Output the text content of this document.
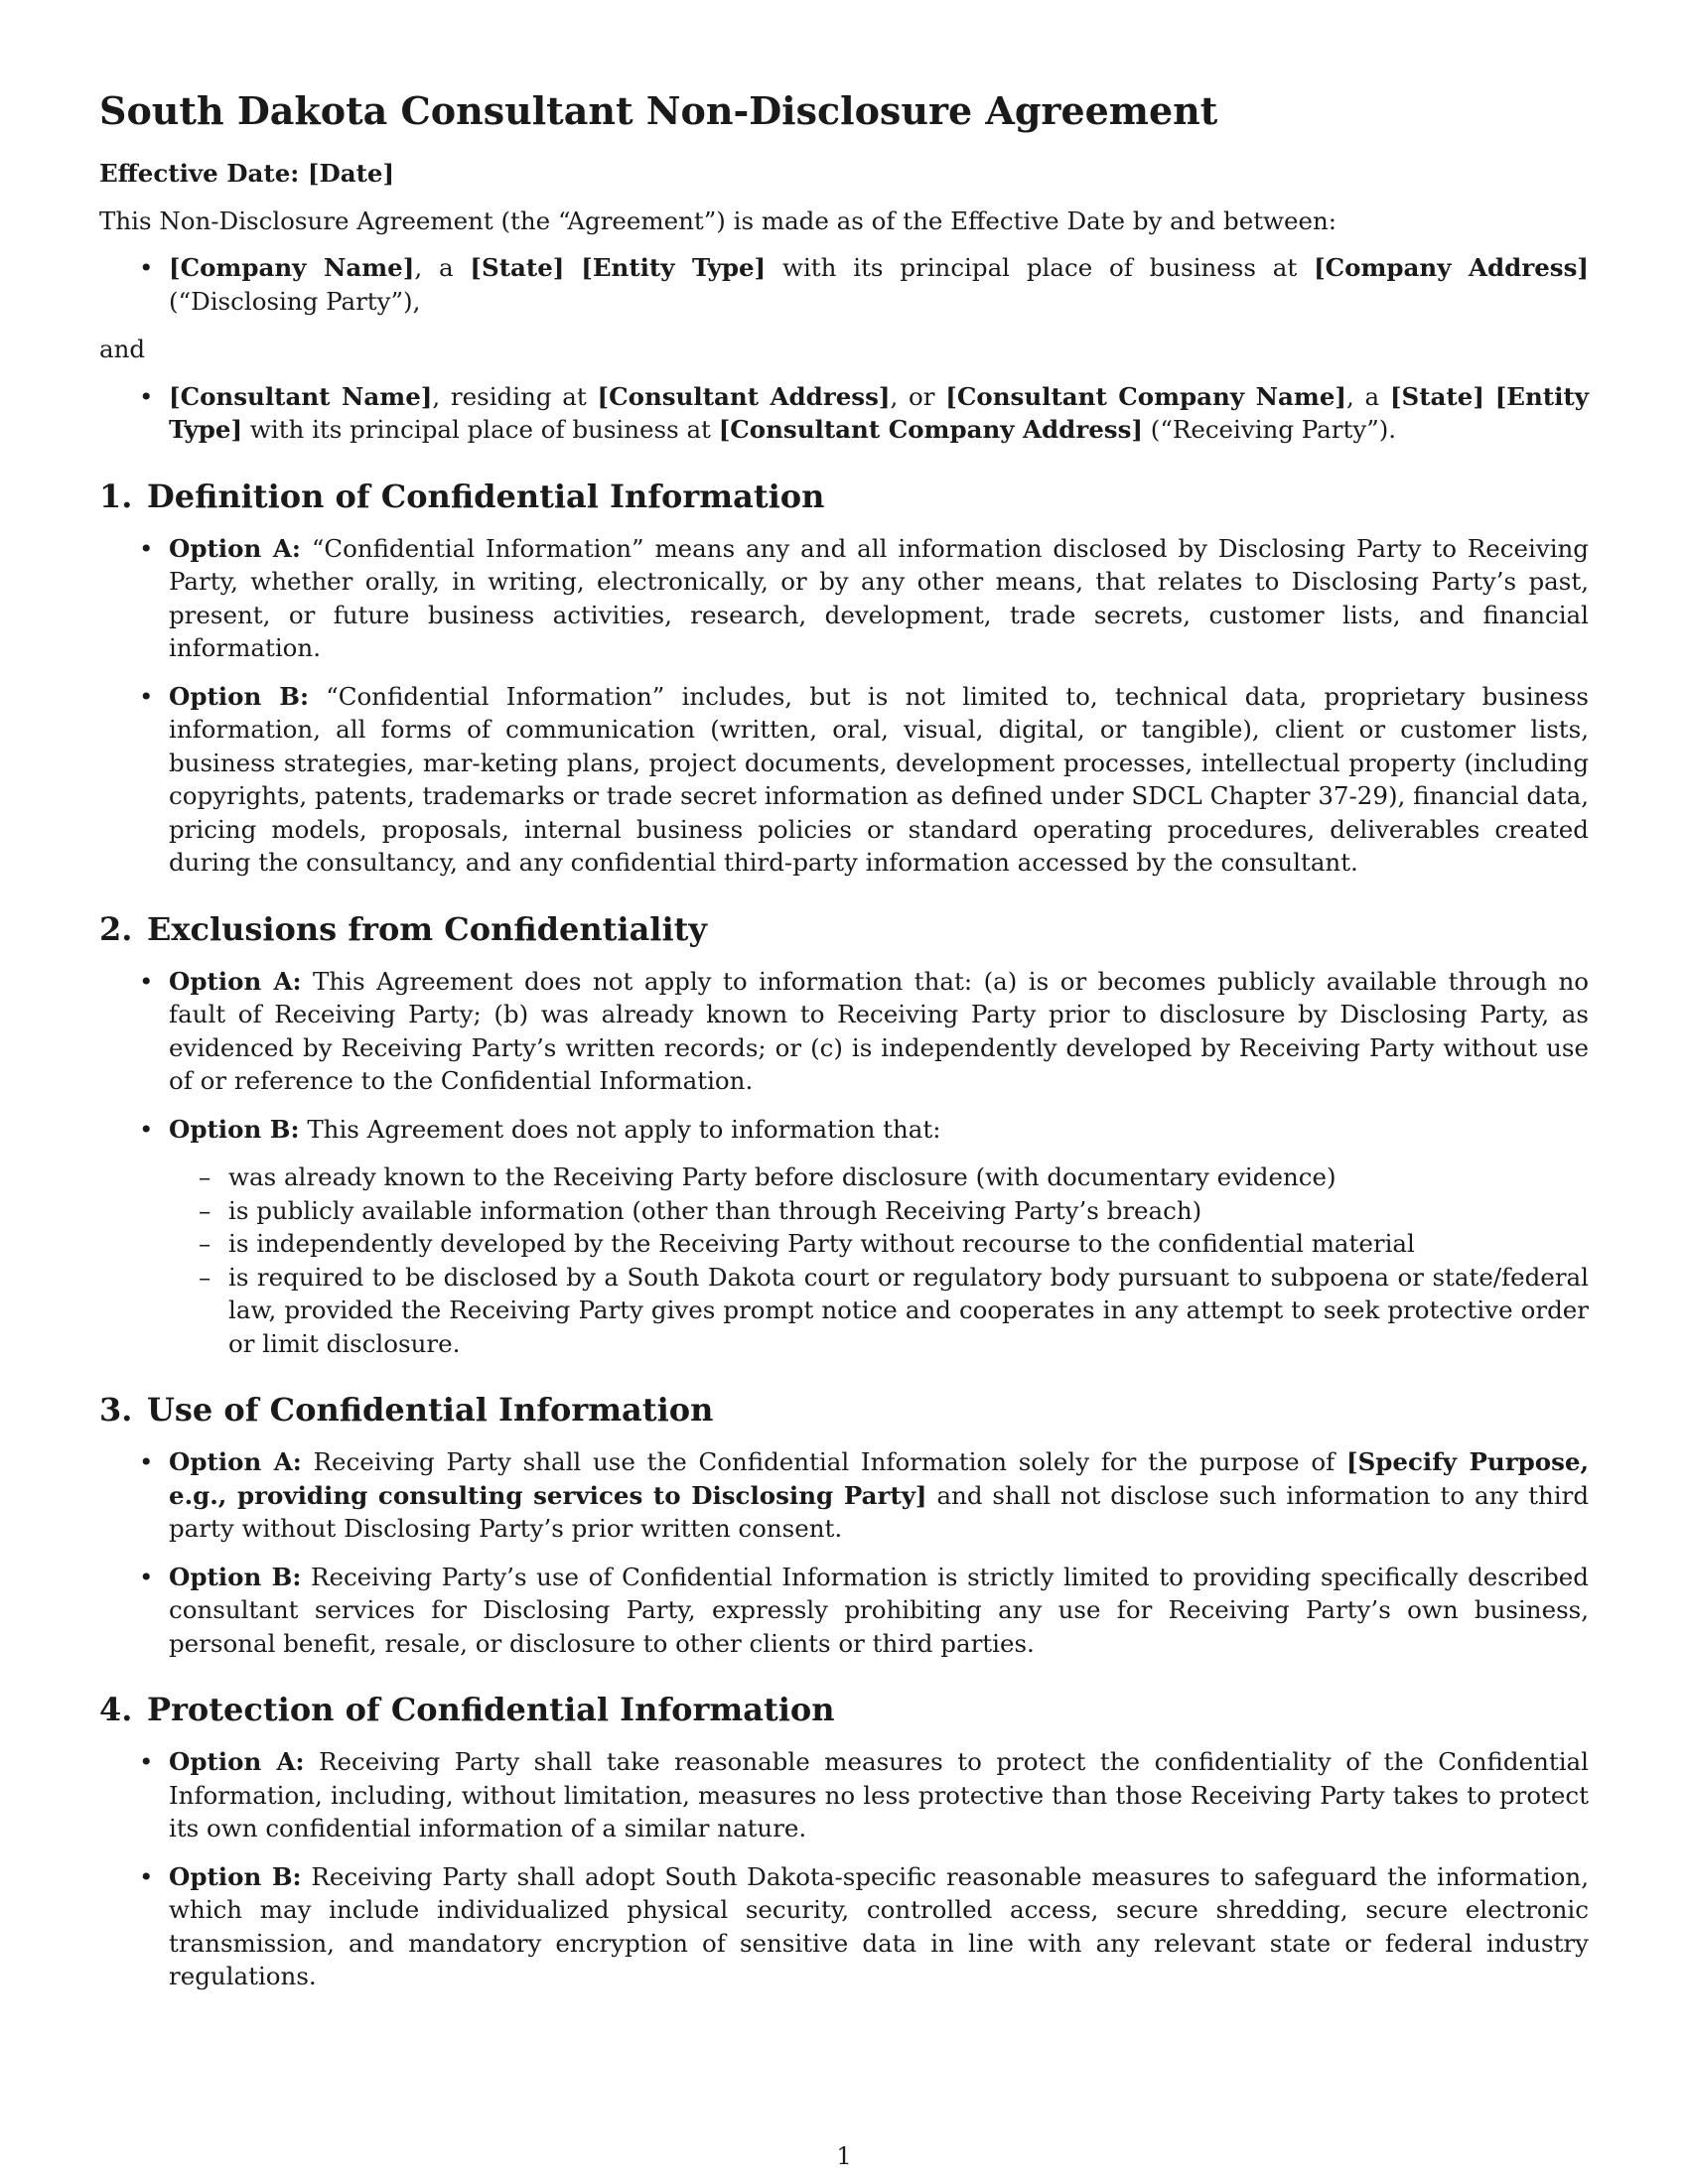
South Dakota Consultant Non-Disclosure Agreement
Effective Date: [Date]

This Non-Disclosure Agreement (the “Agreement”) is made as of the Effective Date by and between:

• [Company Name], a [State] [Entity Type] with its principal place of business at [Company Address] (“Disclosing Party”),

and

• [Consultant Name], residing at [Consultant Address], or [Consultant Company Name], a [State] [Entity Type] with its principal place of business at [Consultant Company Address] (“Receiving Party”).
1. Definition of Confidential Information
• Option A: “Confidential Information” means any and all information disclosed by Disclosing Party to Receiving Party, whether orally, in writing, electronically, or by any other means, that relates to Disclosing Party’s past, present, or future business activities, research, development, trade secrets, customer lists, and financial information.
• Option B: “Confidential Information” includes, but is not limited to, technical data, proprietary business information, all forms of communication (written, oral, visual, digital, or tangible), client or customer lists, business strategies, mar-keting plans, project documents, development processes, intellectual property (including copyrights, patents, trademarks or trade secret information as defined under SDCL Chapter 37-29), financial data, pricing models, proposals, internal business policies or standard operating procedures, deliverables created during the consultancy, and any confidential third-party information accessed by the consultant.
2. Exclusions from Confidentiality
• Option A: This Agreement does not apply to information that: (a) is or becomes publicly available through no fault of Receiving Party; (b) was already known to Receiving Party prior to disclosure by Disclosing Party, as evidenced by Receiving Party’s written records; or (c) is independently developed by Receiving Party without use of or reference to the Confidential Information.
• Option B: This Agreement does not apply to information that:
– was already known to the Receiving Party before disclosure (with documentary evidence)
– is publicly available information (other than through Receiving Party’s breach)
– is independently developed by the Receiving Party without recourse to the confidential material
– is required to be disclosed by a South Dakota court or regulatory body pursuant to subpoena or state/federal law, provided the Receiving Party gives prompt notice and cooperates in any attempt to seek protective order or limit disclosure.
3. Use of Confidential Information
• Option A: Receiving Party shall use the Confidential Information solely for the purpose of [Specify Purpose, e.g., providing consulting services to Disclosing Party] and shall not disclose such information to any third party without Disclosing Party’s prior written consent.
• Option B: Receiving Party’s use of Confidential Information is strictly limited to providing specifically described consultant services for Disclosing Party, expressly prohibiting any use for Receiving Party’s own business, personal benefit, resale, or disclosure to other clients or third parties.
4. Protection of Confidential Information
• Option A: Receiving Party shall take reasonable measures to protect the confidentiality of the Confidential Information, including, without limitation, measures no less protective than those Receiving Party takes to protect its own confidential information of a similar nature.
• Option B: Receiving Party shall adopt South Dakota-specific reasonable measures to safeguard the information, which may include individualized physical security, controlled access, secure shredding, secure electronic transmission, and mandatory encryption of sensitive data in line with any relevant state or federal industry regulations.
1
